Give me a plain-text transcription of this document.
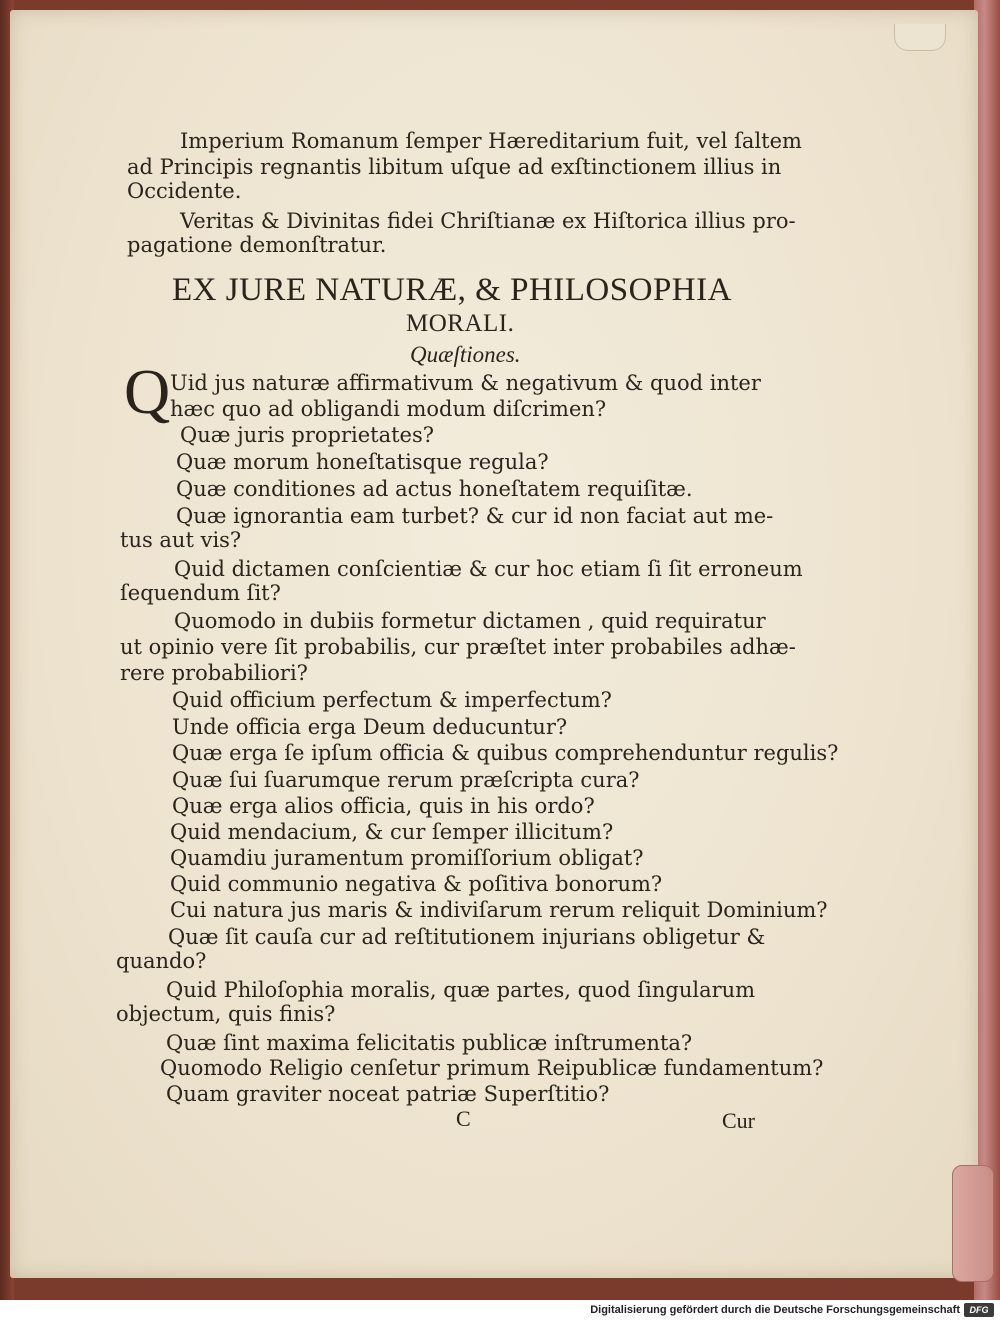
Imperium Romanum ſemper Hæreditarium fuit, vel ſaltem
ad Principis regnantis libitum uſque ad exſtinctionem illius in
Occidente.
Veritas & Divinitas fidei Chriſtianæ ex Hiſtorica illius pro-
pagatione demonſtratur.
EX JURE NATURÆ, & PHILOSOPHIA
MORALI.
Quæſtiones.
Q Uid jus naturæ affirmativum & negativum & quod inter
hæc quo ad obligandi modum diſcrimen?
Quæ juris proprietates?
Quæ morum honeſtatisque regula?
Quæ conditiones ad actus honeſtatem requiſitæ.
Quæ ignorantia eam turbet? & cur id non faciat aut me-
tus aut vis?
Quid dictamen conſcientiæ & cur hoc etiam ſi ſit erroneum
ſequendum ſit?
Quomodo in dubiis formetur dictamen , quid requiratur
ut opinio vere ſit probabilis, cur præſtet inter probabiles adhæ-
rere probabiliori?
Quid officium perfectum & imperfectum?
Unde officia erga Deum deducuntur?
Quæ erga ſe ipſum officia & quibus comprehenduntur regulis?
Quæ ſui ſuarumque rerum præſcripta cura?
Quæ erga alios officia, quis in his ordo?
Quid mendacium, & cur ſemper illicitum?
Quamdiu juramentum promiſſorium obligat?
Quid communio negativa & poſitiva bonorum?
Cui natura jus maris & indiviſarum rerum reliquit Dominium?
Quæ ſit cauſa cur ad reſtitutionem injurians obligetur &
quando?
Quid Philoſophia moralis, quæ partes, quod ſingularum
objectum, quis finis?
Quæ ſint maxima felicitatis publicæ inſtrumenta?
Quomodo Religio cenſetur primum Reipublicæ fundamentum?
Quam graviter noceat patriæ Superſtitio?
C	Cur
Digitalisierung gefördert durch die Deutsche Forschungsgemeinschaft	DFG
